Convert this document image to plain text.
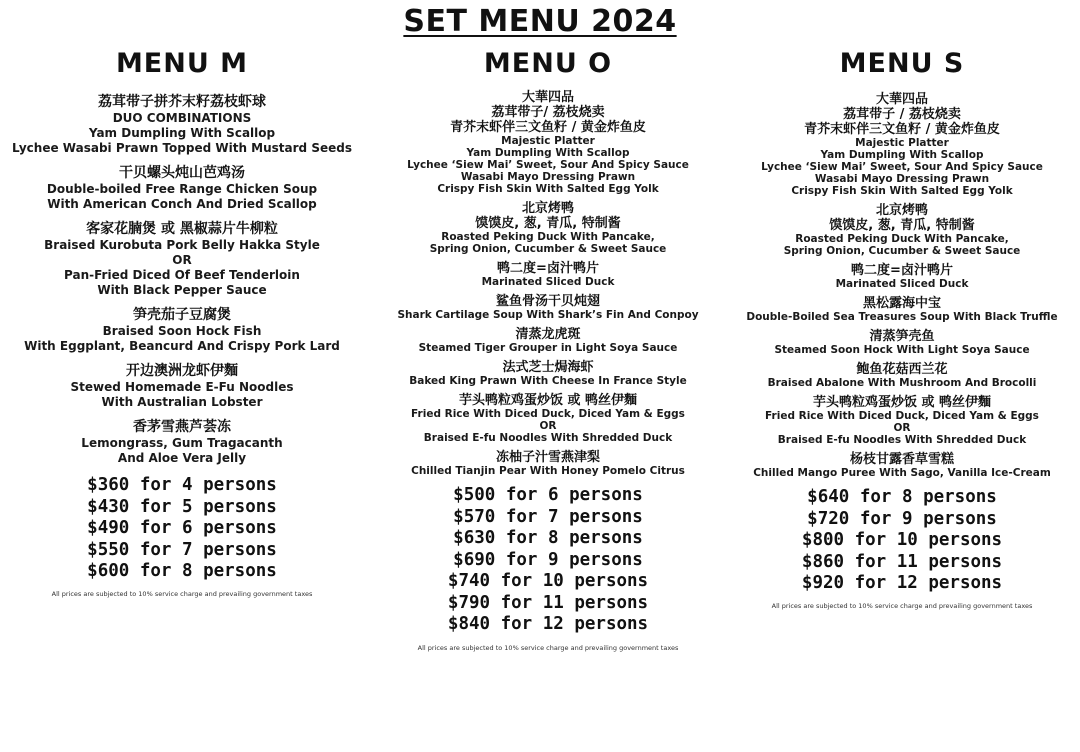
SET MENU 2024
MENU M
荔茸带子拼芥末籽荔枝虾球
DUO COMBINATIONS
Yam Dumpling With Scallop
Lychee Wasabi Prawn Topped With Mustard Seeds
干贝螺头炖山芭鸡汤
Double-boiled Free Range Chicken Soup
With American Conch And Dried Scallop
客家花腩煲 或 黑椒蒜片牛柳粒
Braised Kurobuta Pork Belly Hakka Style
OR
Pan-Fried Diced Of Beef Tenderloin
With Black Pepper Sauce
笋壳茄子豆腐煲
Braised Soon Hock Fish
With Eggplant, Beancurd And Crispy Pork Lard
开边澳洲龙虾伊麵
Stewed Homemade E-Fu Noodles
With Australian Lobster
香茅雪燕芦荟冻
Lemongrass, Gum Tragacanth
And Aloe Vera Jelly
$360 for 4 persons
$430 for 5 persons
$490 for 6 persons
$550 for 7 persons
$600 for 8 persons
All prices are subjected to 10% service charge and prevailing government taxes
MENU O
大華四品
荔茸带子/ 荔枝烧卖
青芥末虾伴三文鱼籽 / 黄金炸鱼皮
Majestic Platter
Yam Dumpling With Scallop
Lychee ‘Siew Mai’ Sweet, Sour And Spicy Sauce
Wasabi Mayo Dressing Prawn
Crispy Fish Skin With Salted Egg Yolk
北京烤鸭
馍馍皮, 葱, 青瓜, 特制酱
Roasted Peking Duck With Pancake,
Spring Onion, Cucumber & Sweet Sauce
鸭二度=卤汁鸭片
Marinated Sliced Duck
鲨鱼骨汤干贝炖翅
Shark Cartilage Soup With Shark’s Fin And Conpoy
清蒸龙虎斑
Steamed Tiger Grouper in Light Soya Sauce
法式芝士焗海虾
Baked King Prawn With Cheese In France Style
芋头鸭粒鸡蛋炒饭 或 鸭丝伊麵
Fried Rice With Diced Duck, Diced Yam & Eggs
OR
Braised E-fu Noodles With Shredded Duck
冻柚子汁雪燕津梨
Chilled Tianjin Pear With Honey Pomelo Citrus
$500 for 6 persons
$570 for 7 persons
$630 for 8 persons
$690 for 9 persons
$740 for 10 persons
$790 for 11 persons
$840 for 12 persons
All prices are subjected to 10% service charge and prevailing government taxes
MENU S
大華四品
荔茸带子 / 荔枝烧卖
青芥末虾伴三文鱼籽 / 黄金炸鱼皮
Majestic Platter
Yam Dumpling With Scallop
Lychee ‘Siew Mai’ Sweet, Sour And Spicy Sauce
Wasabi Mayo Dressing Prawn
Crispy Fish Skin With Salted Egg Yolk
北京烤鸭
馍馍皮, 葱, 青瓜, 特制酱
Roasted Peking Duck With Pancake,
Spring Onion, Cucumber & Sweet Sauce
鸭二度=卤汁鸭片
Marinated Sliced Duck
黑松露海中宝
Double-Boiled Sea Treasures Soup With Black Truffle
清蒸笋壳鱼
Steamed Soon Hock With Light Soya Sauce
鲍鱼花菇西兰花
Braised Abalone With Mushroom And Brocolli
芋头鸭粒鸡蛋炒饭 或 鸭丝伊麵
Fried Rice With Diced Duck, Diced Yam & Eggs
OR
Braised E-fu Noodles With Shredded Duck
杨枝甘露香草雪糕
Chilled Mango Puree With Sago, Vanilla Ice-Cream
$640 for 8 persons
$720 for 9 persons
$800 for 10 persons
$860 for 11 persons
$920 for 12 persons
All prices are subjected to 10% service charge and prevailing government taxes
